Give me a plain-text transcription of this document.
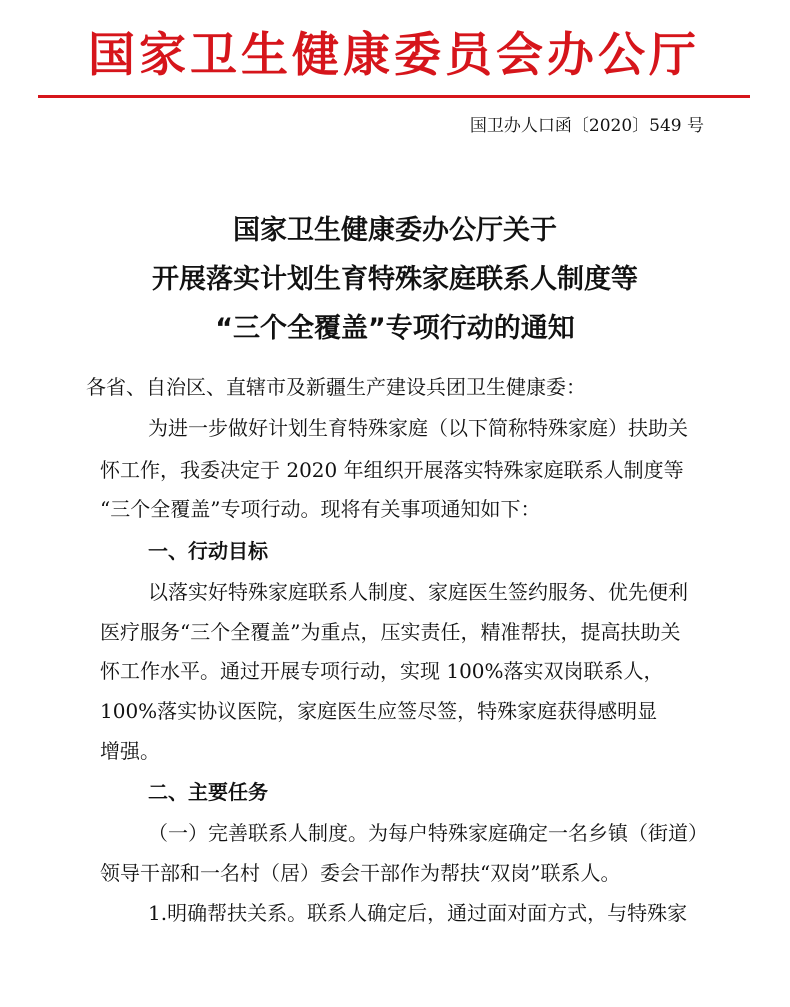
国家卫生健康委员会办公厅
国卫办人口函〔2020〕549 号
国家卫生健康委办公厅关于
开展落实计划生育特殊家庭联系人制度等
“三个全覆盖”专项行动的通知
各省、自治区、直辖市及新疆生产建设兵团卫生健康委：
为进一步做好计划生育特殊家庭（以下简称特殊家庭）扶助关
怀工作，我委决定于 2020 年组织开展落实特殊家庭联系人制度等
“三个全覆盖”专项行动。现将有关事项通知如下：
一、行动目标
以落实好特殊家庭联系人制度、家庭医生签约服务、优先便利
医疗服务“三个全覆盖”为重点，压实责任，精准帮扶，提高扶助关
怀工作水平。通过开展专项行动，实现 100%落实双岗联系人，
100%落实协议医院，家庭医生应签尽签，特殊家庭获得感明显
增强。
二、主要任务
（一）完善联系人制度。为每户特殊家庭确定一名乡镇（街道）
领导干部和一名村（居）委会干部作为帮扶“双岗”联系人。
1.明确帮扶关系。联系人确定后，通过面对面方式，与特殊家
